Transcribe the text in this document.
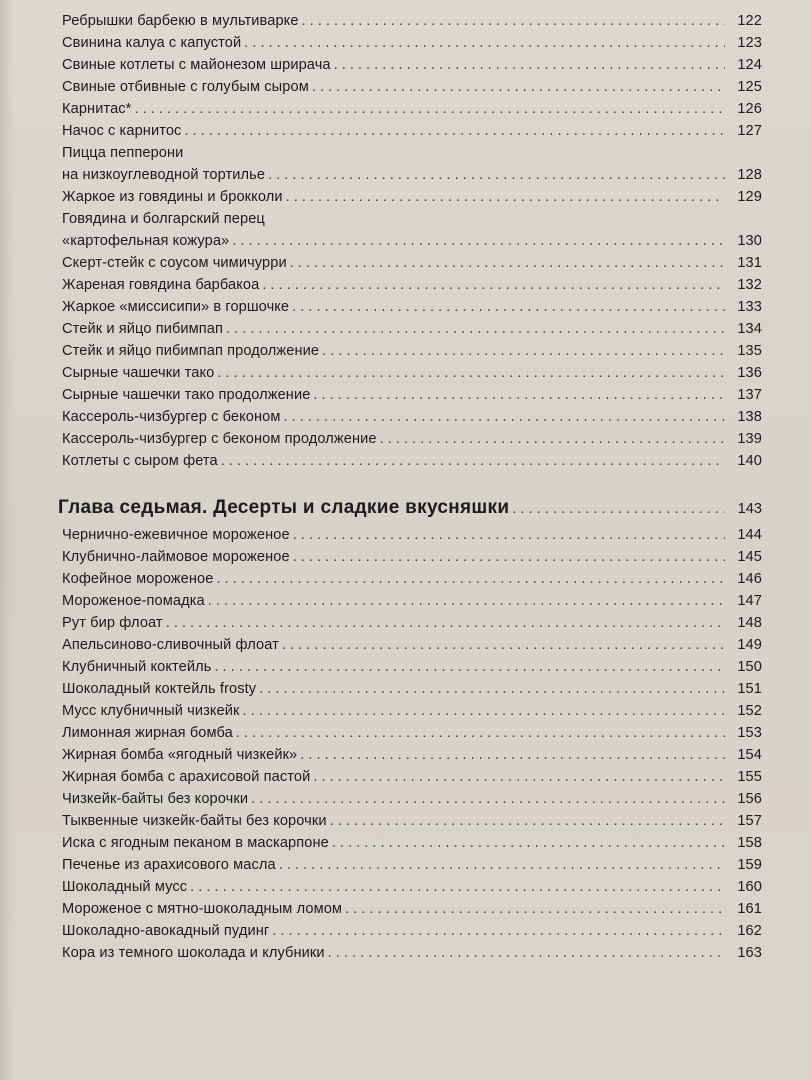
Ребрышки барбекю в мультиварке . . .	122
Свинина калуа с капустой . . .	123
Свиные котлеты с майонезом шрирача . . .	124
Свиные отбивные с голубым сыром . . .	125
Карнитас* . . .	126
Начос с карнитос . . .	127
Пицца пепперони
на низкоуглеводной тортилье . . .	128
Жаркое из говядины и брокколи . . .	129
Говядина и болгарский перец
«картофельная кожура» . . .	130
Скерт-стейк с соусом чимичурри . . .	131
Жареная говядина барбакоа . . .	132
Жаркое «миссисипи» в горшочке . . .	133
Стейк и яйцо пибимпап . . .	134
Стейк и яйцо пибимпап продолжение . . .	135
Сырные чашечки тако . . .	136
Сырные чашечки тако продолжение . . .	137
Кассероль-чизбургер с беконом . . .	138
Кассероль-чизбургер с беконом продолжение . . .	139
Котлеты с сыром фета . . .	140
Глава седьмая. Десерты и сладкие вкусняшки . . .	143
Чернично-ежевичное мороженое . . .	144
Клубнично-лаймовое мороженое . . .	145
Кофейное мороженое . . .	146
Мороженое-помадка . . .	147
Рут бир флоат . . .	148
Апельсиново-сливочный флоат . . .	149
Клубничный коктейль . . .	150
Шоколадный коктейль frosty . . .	151
Мусс клубничный чизкейк . . .	152
Лимонная жирная бомба . . .	153
Жирная бомба «ягодный чизкейк» . . .	154
Жирная бомба с арахисовой пастой . . .	155
Чизкейк-байты без корочки . . .	156
Тыквенные чизкейк-байты без корочки . . .	157
Иска с ягодным пеканом в маскарпоне . . .	158
Печенье из арахисового масла . . .	159
Шоколадный мусс . . .	160
Мороженое с мятно-шоколадным ломом . . .	161
Шоколадно-авокадный пудинг . . .	162
Кора из темного шоколада и клубники . . .	163
